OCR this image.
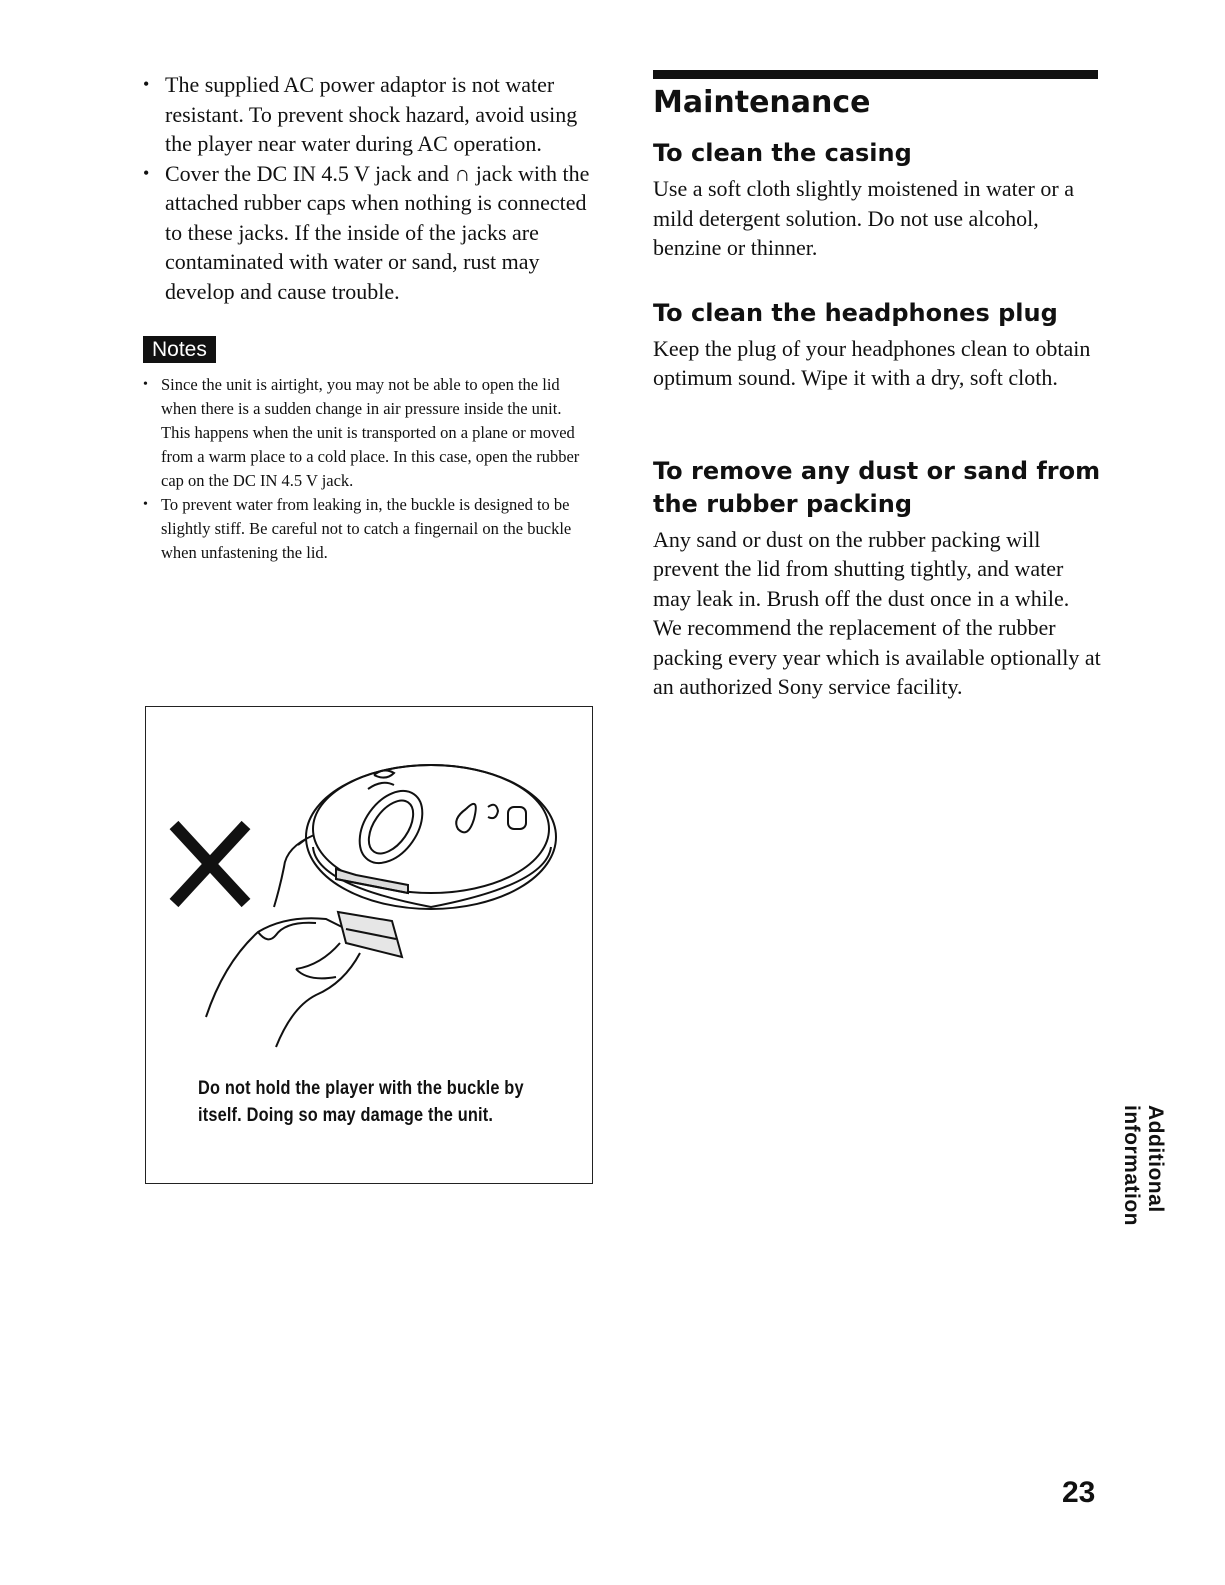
• The supplied AC power adaptor is not water resistant. To prevent shock hazard, avoid using the player near water during AC operation.
• Cover the DC IN 4.5 V jack and ∩ jack with the attached rubber caps when nothing is connected to these jacks. If the inside of the jacks are contaminated with water or sand, rust may develop and cause trouble.
Notes
• Since the unit is airtight, you may not be able to open the lid when there is a sudden change in air pressure inside the unit. This happens when the unit is transported on a plane or moved from a warm place to a cold place. In this case, open the rubber cap on the DC IN 4.5 V jack.
• To prevent water from leaking in, the buckle is designed to be slightly stiff. Be careful not to catch a fingernail on the buckle when unfastening the lid.
Do not hold the player with the buckle by itself. Doing so may damage the unit.
Maintenance
To clean the casing

Use a soft cloth slightly moistened in water or a mild detergent solution. Do not use alcohol, benzine or thinner.

To clean the headphones plug

Keep the plug of your headphones clean to obtain optimum sound. Wipe it with a dry, soft cloth.

To remove any dust or sand from the rubber packing

Any sand or dust on the rubber packing will prevent the lid from shutting tightly, and water may leak in. Brush off the dust once in a while.

We recommend the replacement of the rubber packing every year which is available optionally at an authorized Sony service facility.

Additional information
23
